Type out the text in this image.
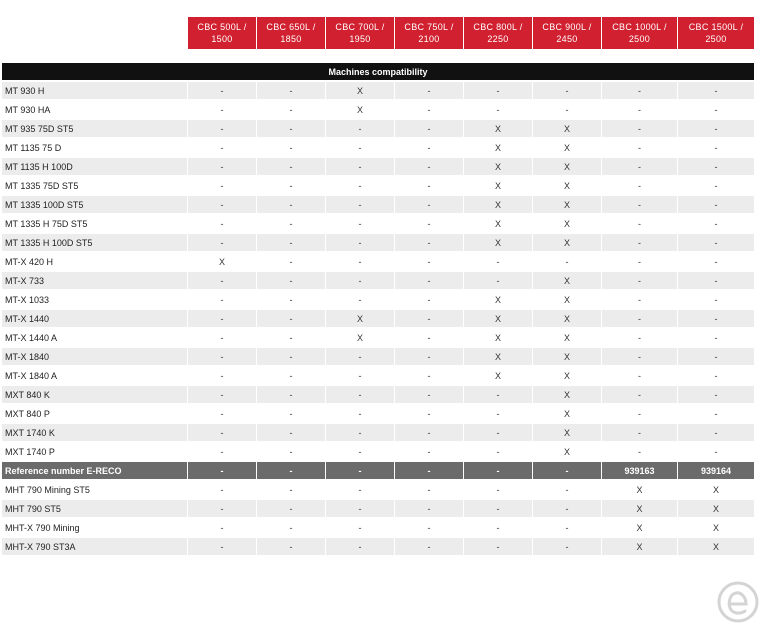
CBC 500L /
1500
CBC 650L /
1850
CBC 700L /
1950
CBC 750L /
2100
CBC 800L /
2250
CBC 900L /
2450
CBC 1000L /
2500
CBC 1500L /
2500
Machines compatibility
MT 930 H	-	-	X	-	-	-	-	-
MT 930 HA	-	-	X	-	-	-	-	-
MT 935 75D ST5	-	-	-	-	X	X	-	-
MT 1135 75 D	-	-	-	-	X	X	-	-
MT 1135 H 100D	-	-	-	-	X	X	-	-
MT 1335 75D ST5	-	-	-	-	X	X	-	-
MT 1335 100D ST5	-	-	-	-	X	X	-	-
MT 1335 H 75D ST5	-	-	-	-	X	X	-	-
MT 1335 H 100D ST5	-	-	-	-	X	X	-	-
MT-X 420 H	X	-	-	-	-	-	-	-
MT-X 733	-	-	-	-	-	X	-	-
MT-X 1033	-	-	-	-	X	X	-	-
MT-X 1440	-	-	X	-	X	X	-	-
MT-X 1440 A	-	-	X	-	X	X	-	-
MT-X 1840	-	-	-	-	X	X	-	-
MT-X 1840 A	-	-	-	-	X	X	-	-
MXT 840 K	-	-	-	-	-	X	-	-
MXT 840 P	-	-	-	-	-	X	-	-
MXT 1740 K	-	-	-	-	-	X	-	-
MXT 1740 P	-	-	-	-	-	X	-	-
Reference number E-RECO	-	-	-	-	-	-	939163	939164
MHT 790 Mining ST5	-	-	-	-	-	-	X	X
MHT 790 ST5	-	-	-	-	-	-	X	X
MHT-X 790 Mining	-	-	-	-	-	-	X	X
MHT-X 790 ST3A	-	-	-	-	-	-	X	X
